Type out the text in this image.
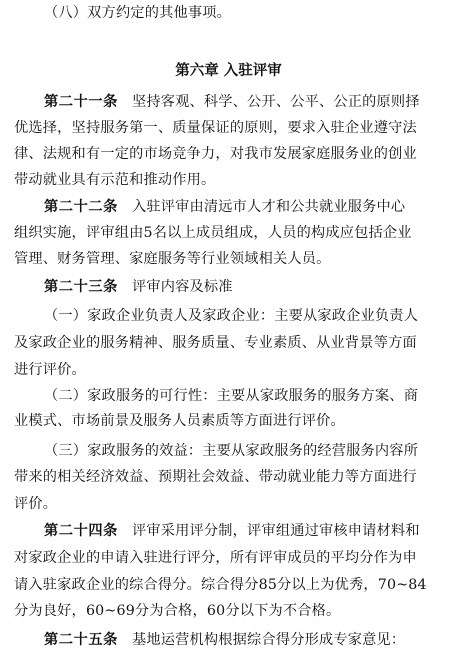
（八）双方约定的其他事项。
第六章 入驻评审
第二十一条 坚持客观、科学、公开、公平、公正的原则择
优选择，坚持服务第一、质量保证的原则，要求入驻企业遵守法
律、法规和有一定的市场竞争力，对我市发展家庭服务业的创业
带动就业具有示范和推动作用。
第二十二条 入驻评审由清远市人才和公共就业服务中心
组织实施，评审组由5名以上成员组成，人员的构成应包括企业
管理、财务管理、家庭服务等行业领域相关人员。
第二十三条 评审内容及标准
（一）家政企业负责人及家政企业：主要从家政企业负责人
及家政企业的服务精神、服务质量、专业素质、从业背景等方面
进行评价。
（二）家政服务的可行性：主要从家政服务的服务方案、商
业模式、市场前景及服务人员素质等方面进行评价。
（三）家政服务的效益：主要从家政服务的经营服务内容所
带来的相关经济效益、预期社会效益、带动就业能力等方面进行
评价。
第二十四条 评审采用评分制，评审组通过审核申请材料和
对家政企业的申请入驻进行评分，所有评审成员的平均分作为申
请入驻家政企业的综合得分。综合得分85分以上为优秀，70~84
分为良好，60~69分为合格，60分以下为不合格。
第二十五条 基地运营机构根据综合得分形成专家意见：
